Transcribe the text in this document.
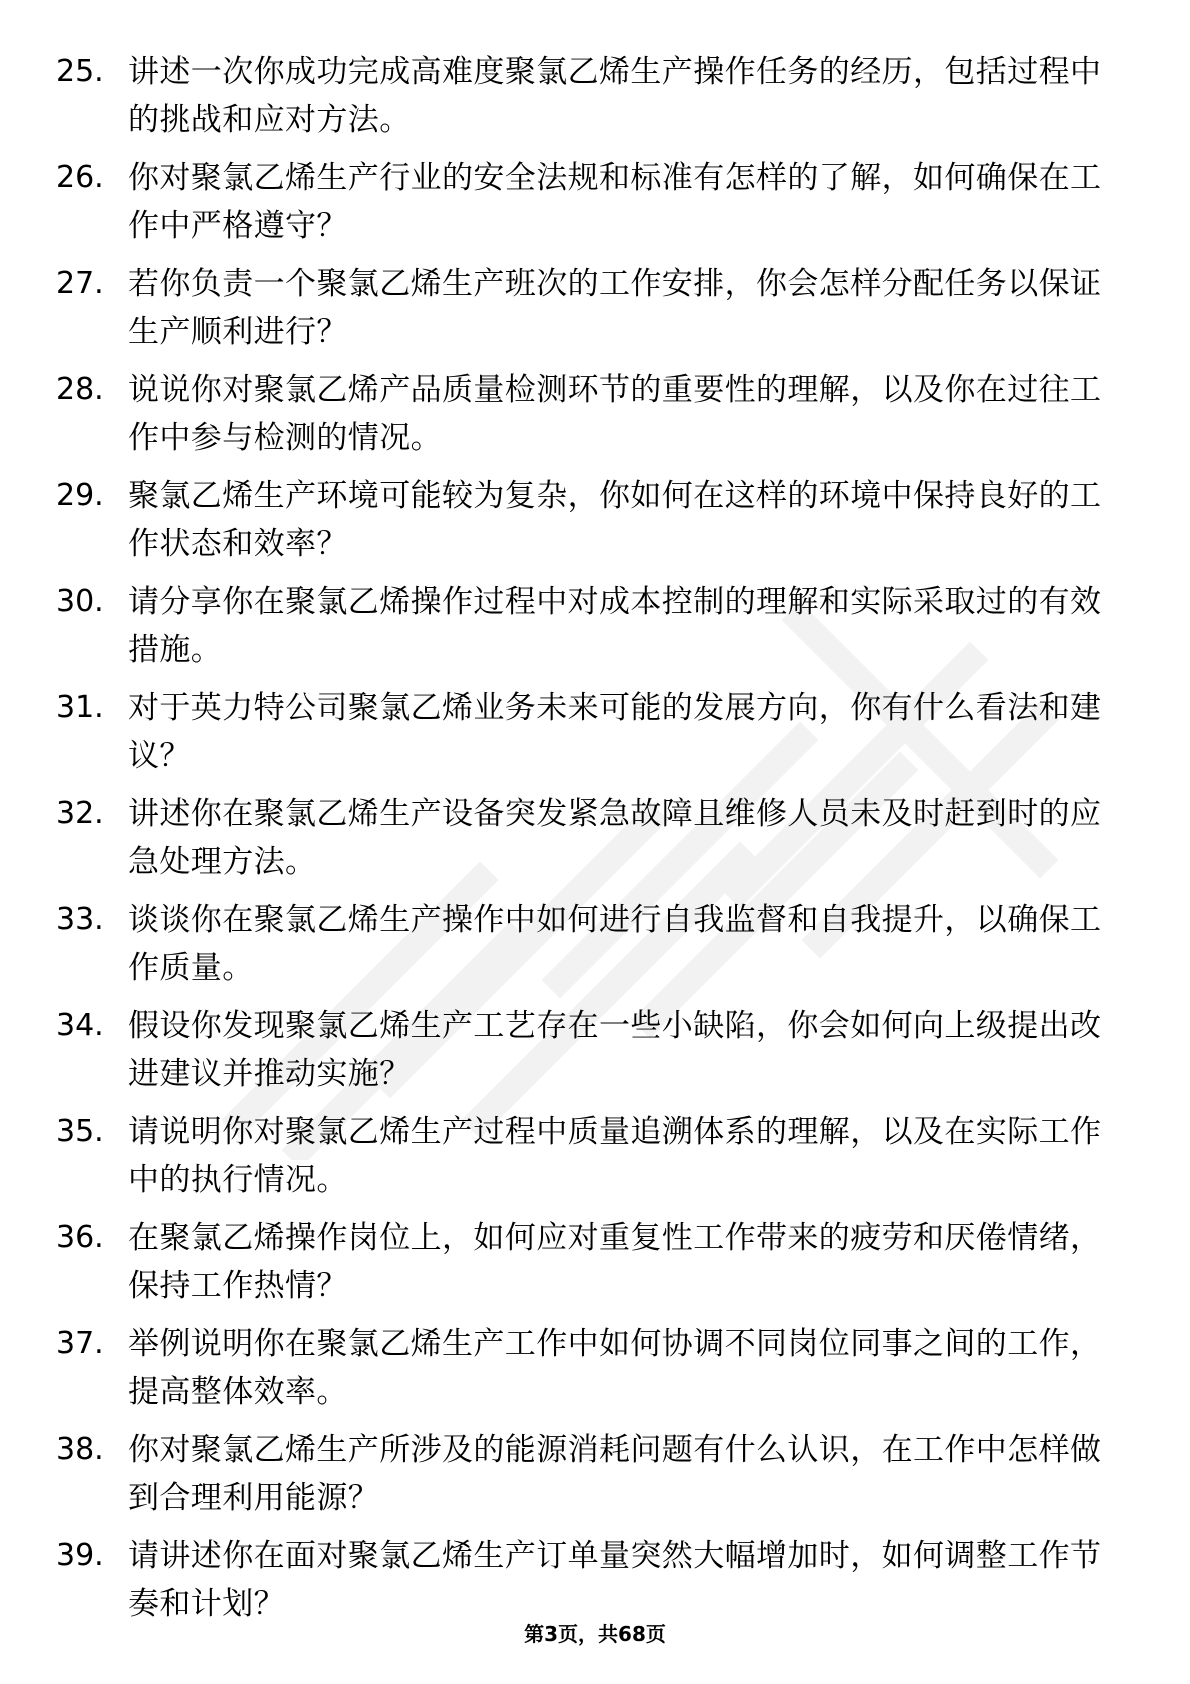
25. 讲述一次你成功完成高难度聚氯乙烯生产操作任务的经历，包括过程中的挑战和应对方法。
26. 你对聚氯乙烯生产行业的安全法规和标准有怎样的了解，如何确保在工作中严格遵守？
27. 若你负责一个聚氯乙烯生产班次的工作安排，你会怎样分配任务以保证生产顺利进行？
28. 说说你对聚氯乙烯产品质量检测环节的重要性的理解，以及你在过往工作中参与检测的情况。
29. 聚氯乙烯生产环境可能较为复杂，你如何在这样的环境中保持良好的工作状态和效率？
30. 请分享你在聚氯乙烯操作过程中对成本控制的理解和实际采取过的有效措施。
31. 对于英力特公司聚氯乙烯业务未来可能的发展方向，你有什么看法和建议？
32. 讲述你在聚氯乙烯生产设备突发紧急故障且维修人员未及时赶到时的应急处理方法。
33. 谈谈你在聚氯乙烯生产操作中如何进行自我监督和自我提升，以确保工作质量。
34. 假设你发现聚氯乙烯生产工艺存在一些小缺陷，你会如何向上级提出改进建议并推动实施？
35. 请说明你对聚氯乙烯生产过程中质量追溯体系的理解，以及在实际工作中的执行情况。
36. 在聚氯乙烯操作岗位上，如何应对重复性工作带来的疲劳和厌倦情绪，保持工作热情？
37. 举例说明你在聚氯乙烯生产工作中如何协调不同岗位同事之间的工作，提高整体效率。
38. 你对聚氯乙烯生产所涉及的能源消耗问题有什么认识，在工作中怎样做到合理利用能源？
39. 请讲述你在面对聚氯乙烯生产订单量突然大幅增加时，如何调整工作节奏和计划？
第3页，共68页
